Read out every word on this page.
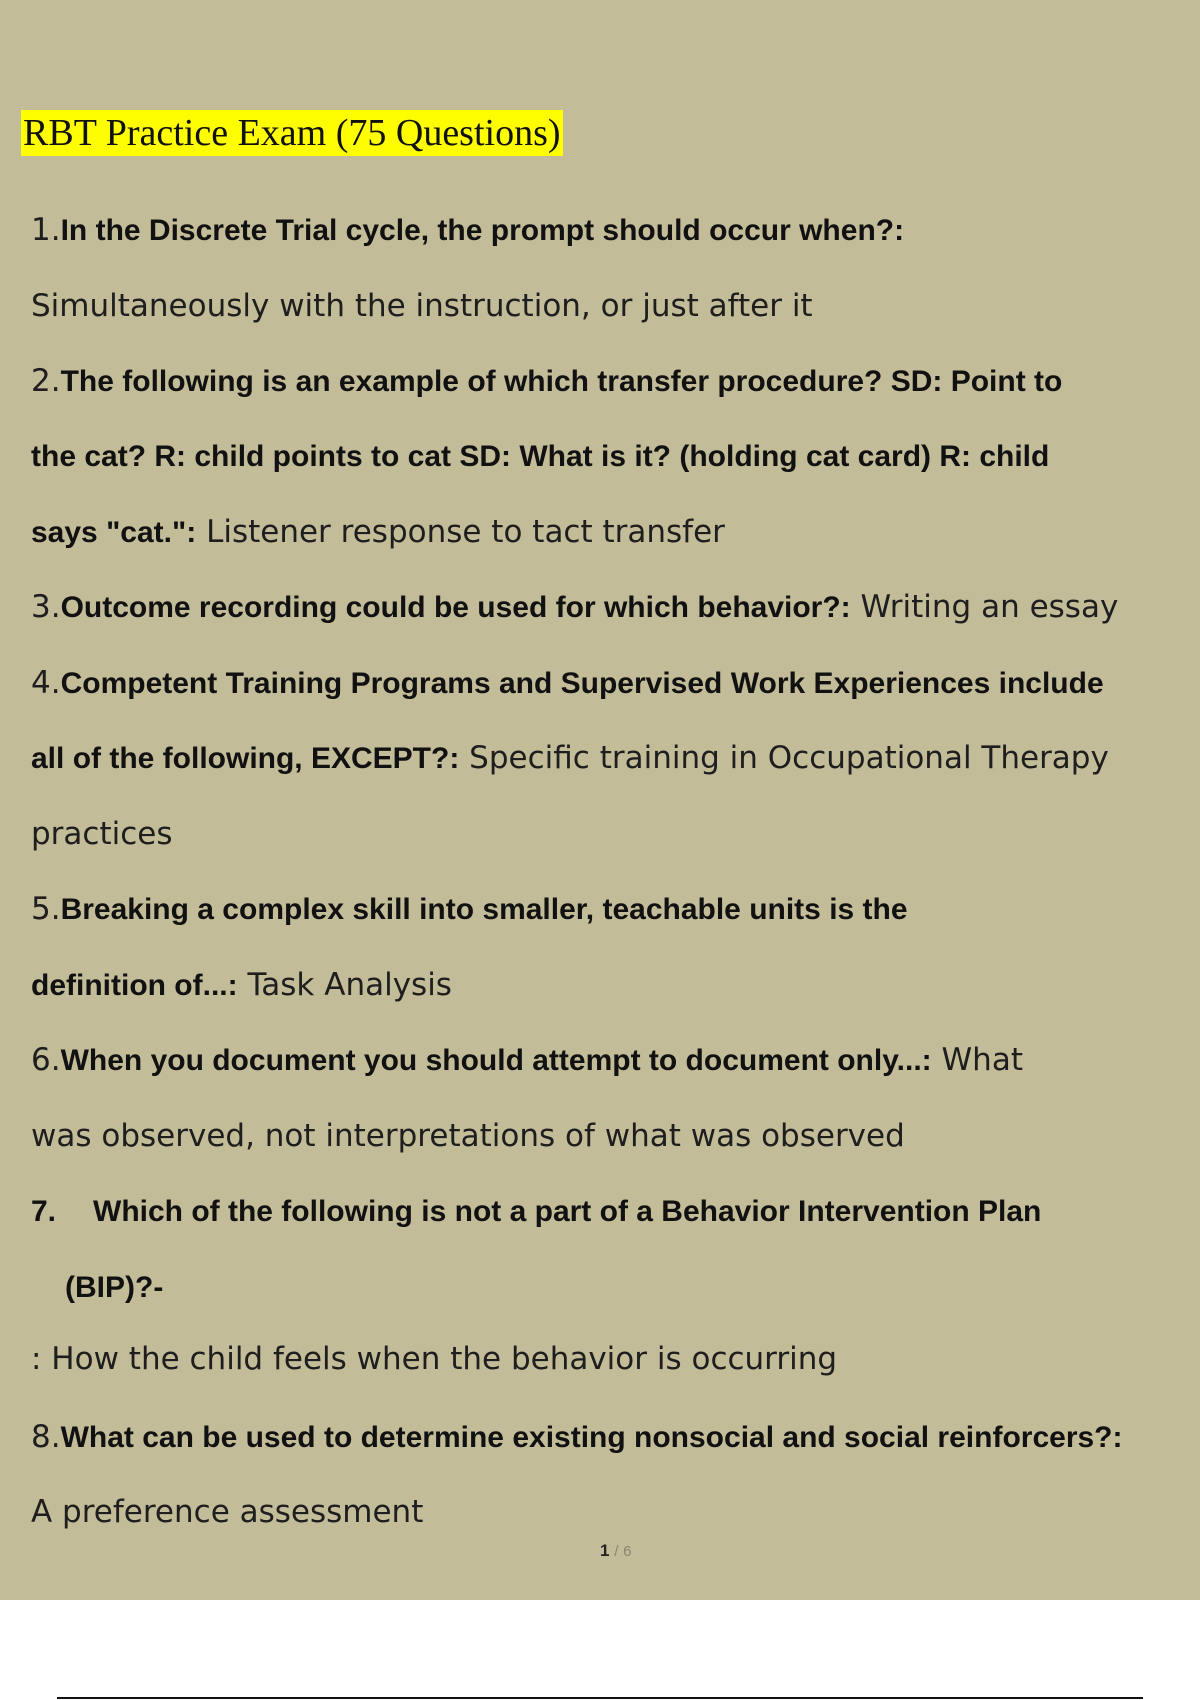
RBT Practice Exam (75 Questions)
1.In the Discrete Trial cycle, the prompt should occur when?:
Simultaneously with the instruction, or just after it
2.The following is an example of which transfer procedure? SD: Point to
the cat? R: child points to cat SD: What is it? (holding cat card) R: child
says "cat.": Listener response to tact transfer
3.Outcome recording could be used for which behavior?: Writing an essay
4.Competent Training Programs and Supervised Work Experiences include
all of the following, EXCEPT?: Specific training in Occupational Therapy
practices
5.Breaking a complex skill into smaller, teachable units is the
definition of...: Task Analysis
6.When you document you should attempt to document only...: What
was observed, not interpretations of what was observed
7. Which of the following is not a part of a Behavior Intervention Plan
(BIP)?-
: How the child feels when the behavior is occurring
8.What can be used to determine existing nonsocial and social reinforcers?:
A preference assessment
1 / 6
